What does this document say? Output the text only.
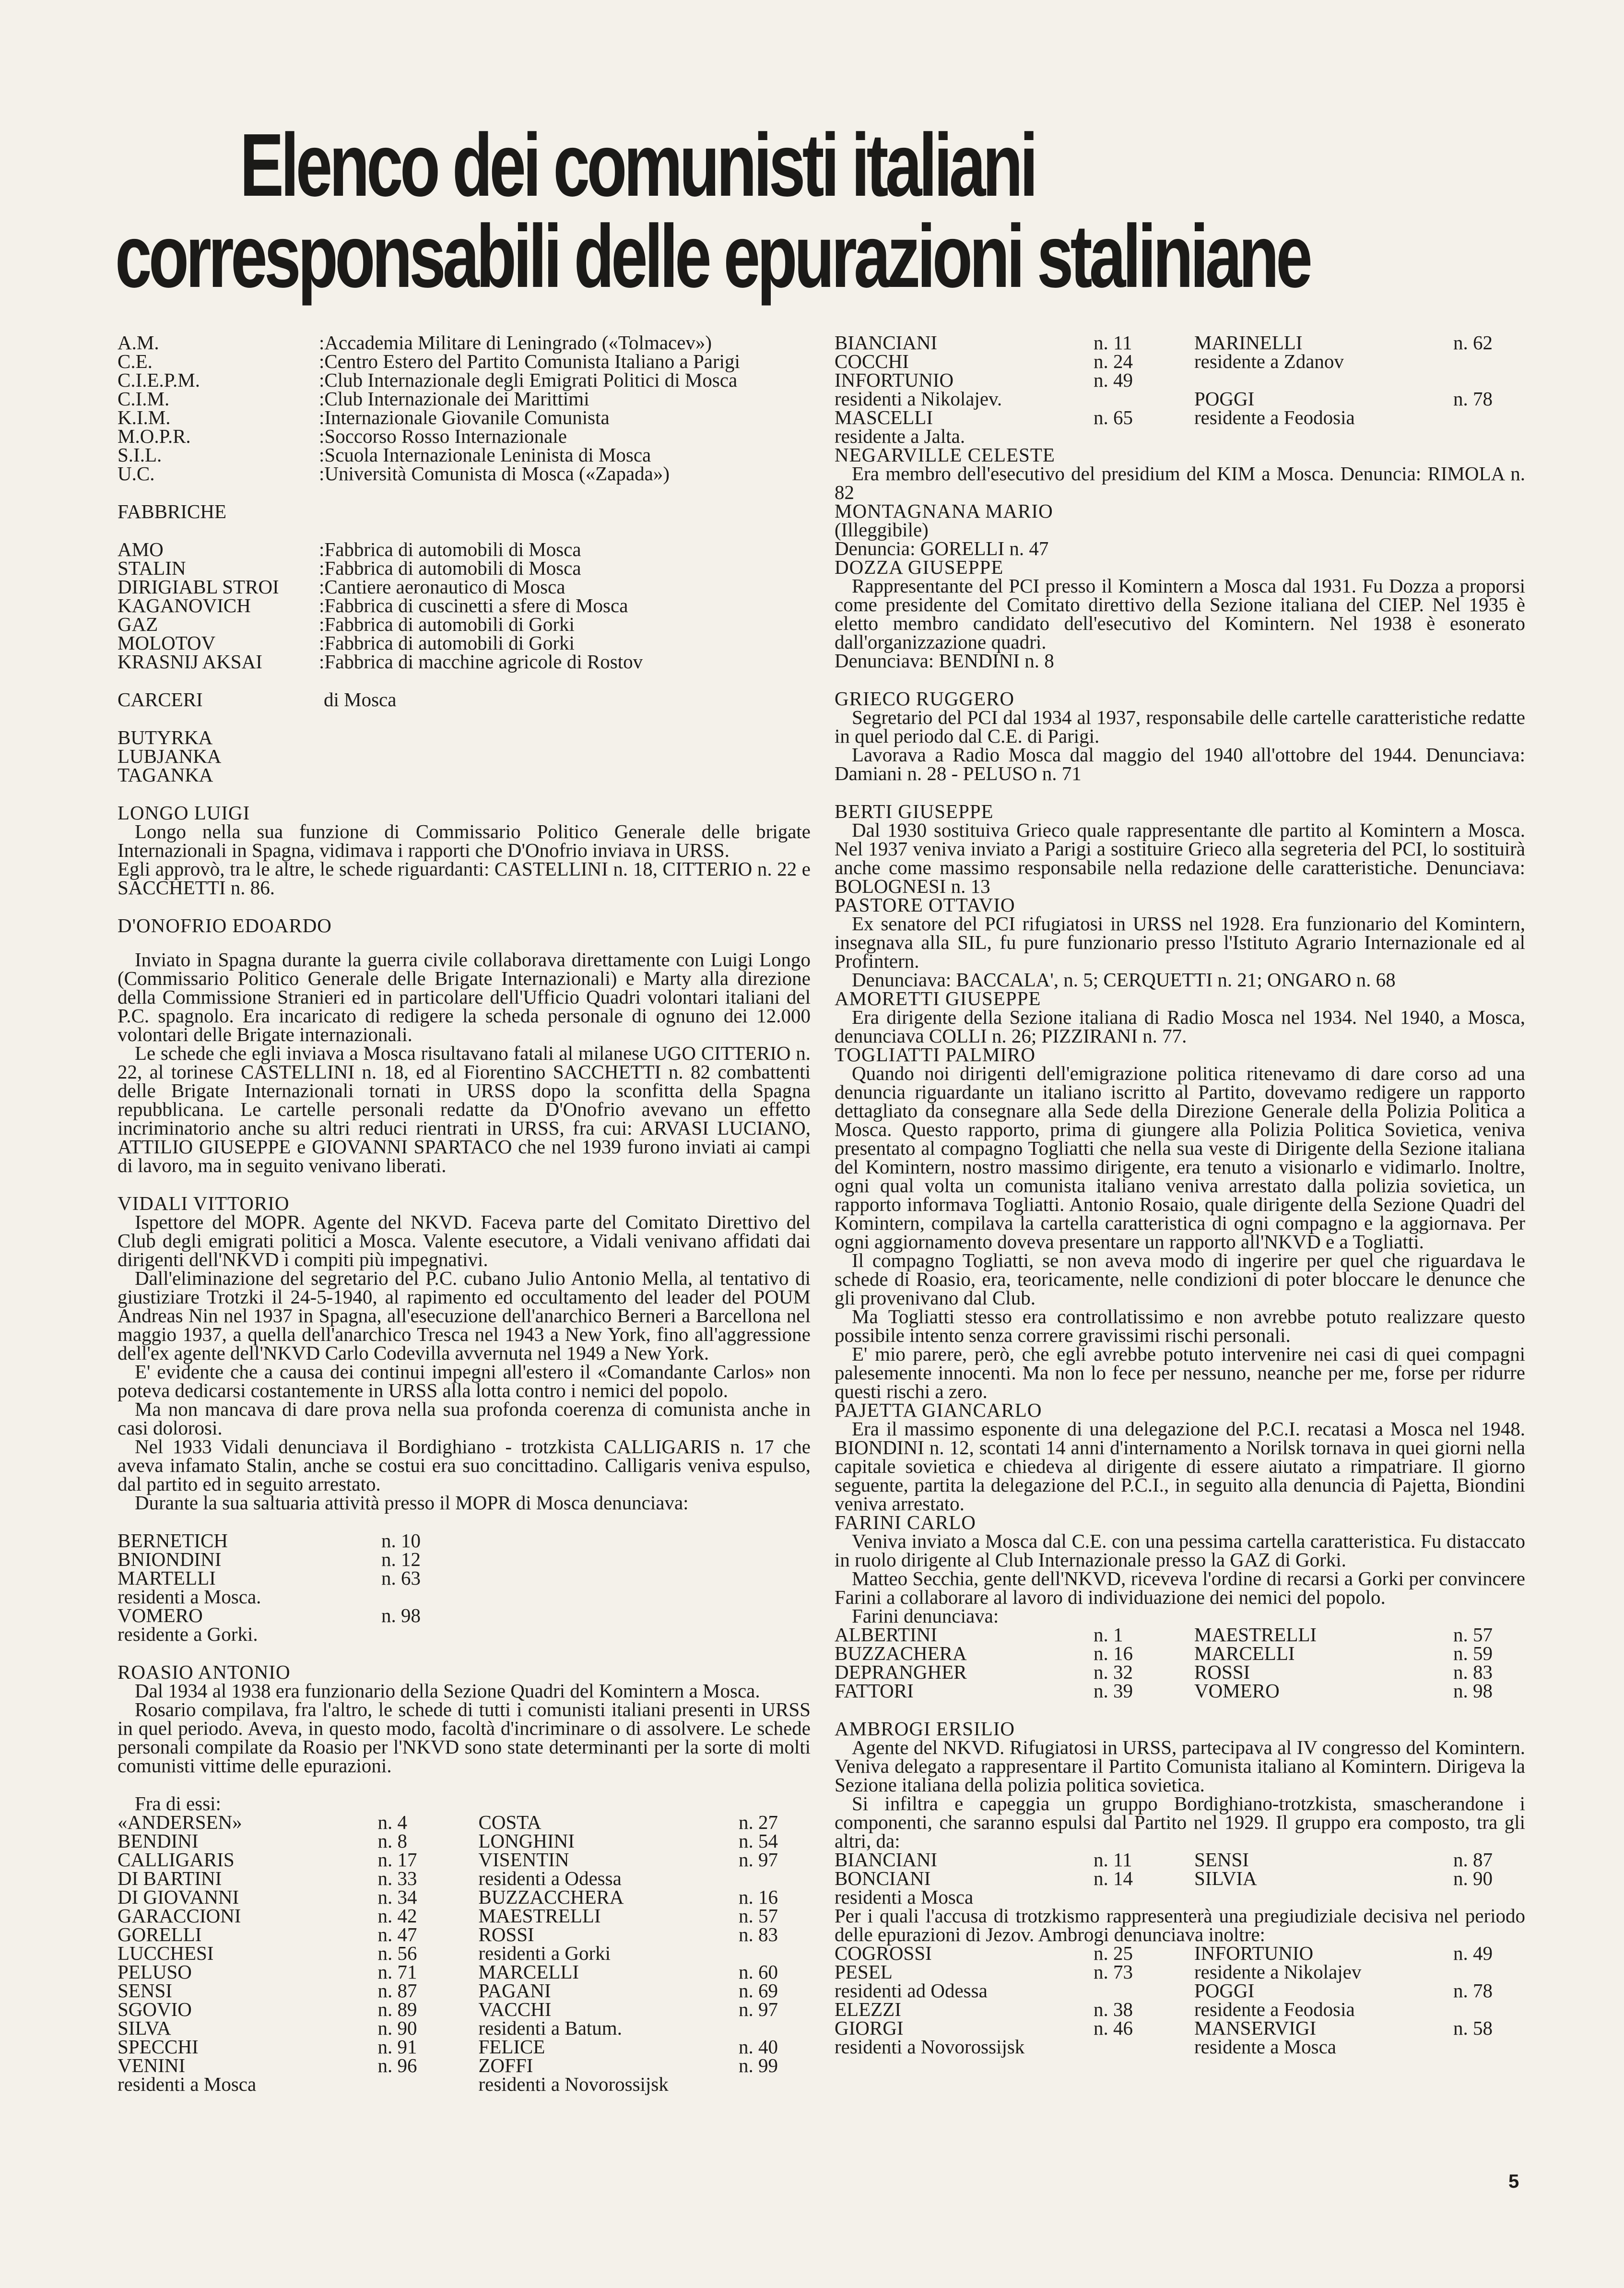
Elenco dei comunisti italiani
corresponsabili delle epurazioni staliniane
A.M.	:Accademia Militare di Leningrado («Tolmacev»)
C.E.	:Centro Estero del Partito Comunista Italiano a Parigi
C.I.E.P.M.	:Club Internazionale degli Emigrati Politici di Mosca
C.I.M.	:Club Internazionale dei Marittimi
K.I.M.	:Internazionale Giovanile Comunista
M.O.P.R.	:Soccorso Rosso Internazionale
S.I.L.	:Scuola Internazionale Leninista di Mosca
U.C.	:Università Comunista di Mosca («Zapada»)
FABBRICHE
AMO	:Fabbrica di automobili di Mosca
STALIN	:Fabbrica di automobili di Mosca
DIRIGIABL STROI	:Cantiere aeronautico di Mosca
KAGANOVICH	:Fabbrica di cuscinetti a sfere di Mosca
GAZ	:Fabbrica di automobili di Gorki
MOLOTOV	:Fabbrica di automobili di Gorki
KRASNIJ AKSAI	:Fabbrica di macchine agricole di Rostov
CARCERI	di Mosca
BUTYRKA
LUBJANKA
TAGANKA
LONGO LUIGI

Longo nella sua funzione di Commissario Politico Generale delle brigate Internazionali in Spagna, vidimava i rapporti che D'Onofrio inviava in URSS.

Egli approvò, tra le altre, le schede riguardanti: CASTELLINI n. 18, CITTERIO n. 22 e SACCHETTI n. 86.

D'ONOFRIO EDOARDO

Inviato in Spagna durante la guerra civile collaborava direttamente con Luigi Longo (Commissario Politico Generale delle Brigate Internazionali) e Marty alla direzione della Commissione Stranieri ed in particolare dell'Ufficio Quadri volontari italiani del P.C. spagnolo. Era incaricato di redigere la scheda personale di ognuno dei 12.000 volontari delle Brigate internazionali.

Le schede che egli inviava a Mosca risultavano fatali al milanese UGO CITTERIO n. 22, al torinese CASTELLINI n. 18, ed al Fiorentino SACCHETTI n. 82 combattenti delle Brigate Internazionali tornati in URSS dopo la sconfitta della Spagna repubblicana. Le cartelle personali redatte da D'Onofrio avevano un effetto incriminatorio anche su altri reduci rientrati in URSS, fra cui: ARVASI LUCIANO, ATTILIO GIUSEPPE e GIOVANNI SPARTACO che nel 1939 furono inviati ai campi di lavoro, ma in seguito venivano liberati.

VIDALI VITTORIO

Ispettore del MOPR. Agente del NKVD. Faceva parte del Comitato Direttivo del Club degli emigrati politici a Mosca. Valente esecutore, a Vidali venivano affidati dai dirigenti dell'NKVD i compiti più impegnativi.

Dall'eliminazione del segretario del P.C. cubano Julio Antonio Mella, al tentativo di giustiziare Trotzki il 24-5-1940, al rapimento ed occultamento del leader del POUM Andreas Nin nel 1937 in Spagna, all'esecuzione dell'anarchico Berneri a Barcellona nel maggio 1937, a quella dell'anarchico Tresca nel 1943 a New York, fino all'aggressione dell'ex agente dell'NKVD Carlo Codevilla avvernuta nel 1949 a New York.

E' evidente che a causa dei continui impegni all'estero il «Comandante Carlos» non poteva dedicarsi costantemente in URSS alla lotta contro i nemici del popolo.

Ma non mancava di dare prova nella sua profonda coerenza di comunista anche in casi dolorosi.

Nel 1933 Vidali denunciava il Bordighiano - trotzkista CALLIGARIS n. 17 che aveva infamato Stalin, anche se costui era suo concittadino. Calligaris veniva espulso, dal partito ed in seguito arrestato.

Durante la sua saltuaria attività presso il MOPR di Mosca denunciava:

BERNETICH	n. 10
BNIONDINI	n. 12
MARTELLI	n. 63
residenti a Mosca.
VOMERO	n. 98
residente a Gorki.
ROASIO ANTONIO

Dal 1934 al 1938 era funzionario della Sezione Quadri del Komintern a Mosca.

Rosario compilava, fra l'altro, le schede di tutti i comunisti italiani presenti in URSS in quel periodo. Aveva, in questo modo, facoltà d'incriminare o di assolvere. Le schede personali compilate da Roasio per l'NKVD sono state determinanti per la sorte di molti comunisti vittime delle epurazioni.

Fra di essi:
«ANDERSEN»	n. 4
BENDINI	n. 8
CALLIGARIS	n. 17
DI BARTINI	n. 33
DI GIOVANNI	n. 34
GARACCIONI	n. 42
GORELLI	n. 47
LUCCHESI	n. 56
PELUSO	n. 71
SENSI	n. 87
SGOVIO	n. 89
SILVA	n. 90
SPECCHI	n. 91
VENINI	n. 96
residenti a Mosca
COSTA	n. 27
LONGHINI	n. 54
VISENTIN	n. 97
residenti a Odessa
BUZZACCHERA	n. 16
MAESTRELLI	n. 57
ROSSI	n. 83
residenti a Gorki
MARCELLI	n. 60
PAGANI	n. 69
VACCHI	n. 97
residenti a Batum.
FELICE	n. 40
ZOFFI	n. 99
residenti a Novorossijsk
BIANCIANI	n. 11
COCCHI	n. 24
INFORTUNIO	n. 49
residenti a Nikolajev.
MASCELLI	n. 65
residente a Jalta.
MARINELLI	n. 62
residente a Zdanov
POGGI	n. 78
residente a Feodosia
NEGARVILLE CELESTE

Era membro dell'esecutivo del presidium del KIM a Mosca. Denuncia: RIMOLA n. 82

MONTAGNANA MARIO
(Illeggibile)
Denuncia: GORELLI n. 47
DOZZA GIUSEPPE

Rappresentante del PCI presso il Komintern a Mosca dal 1931. Fu Dozza a proporsi come presidente del Comitato direttivo della Sezione italiana del CIEP. Nel 1935 è eletto membro candidato dell'esecutivo del Komintern. Nel 1938 è esonerato dall'organizzazione quadri.

Denunciava: BENDINI n. 8
GRIECO RUGGERO

Segretario del PCI dal 1934 al 1937, responsabile delle cartelle caratteristiche redatte in quel periodo dal C.E. di Parigi.

Lavorava a Radio Mosca dal maggio del 1940 all'ottobre del 1944. Denunciava: Damiani n. 28 - PELUSO n. 71

BERTI GIUSEPPE

Dal 1930 sostituiva Grieco quale rappresentante dle partito al Komintern a Mosca. Nel 1937 veniva inviato a Parigi a sostituire Grieco alla segreteria del PCI, lo sostituirà anche come massimo responsabile nella redazione delle caratteristiche. Denunciava: BOLOGNESI n. 13

PASTORE OTTAVIO

Ex senatore del PCI rifugiatosi in URSS nel 1928. Era funzionario del Komintern, insegnava alla SIL, fu pure funzionario presso l'Istituto Agrario Internazionale ed al Profintern.

Denunciava: BACCALA', n. 5; CERQUETTI n. 21; ONGARO n. 68

AMORETTI GIUSEPPE

Era dirigente della Sezione italiana di Radio Mosca nel 1934. Nel 1940, a Mosca, denunciava COLLI n. 26; PIZZIRANI n. 77.

TOGLIATTI PALMIRO

Quando noi dirigenti dell'emigrazione politica ritenevamo di dare corso ad una denuncia riguardante un italiano iscritto al Partito, dovevamo redigere un rapporto dettagliato da consegnare alla Sede della Direzione Generale della Polizia Politica a Mosca. Questo rapporto, prima di giungere alla Polizia Politica Sovietica, veniva presentato al compagno Togliatti che nella sua veste di Dirigente della Sezione italiana del Komintern, nostro massimo dirigente, era tenuto a visionarlo e vidimarlo. Inoltre, ogni qual volta un comunista italiano veniva arrestato dalla polizia sovietica, un rapporto informava Togliatti. Antonio Rosaio, quale dirigente della Sezione Quadri del Komintern, compilava la cartella caratteristica di ogni compagno e la aggiornava. Per ogni aggiornamento doveva presentare un rapporto all'NKVD e a Togliatti.

Il compagno Togliatti, se non aveva modo di ingerire per quel che riguardava le schede di Roasio, era, teoricamente, nelle condizioni di poter bloccare le denunce che gli provenivano dal Club.

Ma Togliatti stesso era controllatissimo e non avrebbe potuto realizzare questo possibile intento senza correre gravissimi rischi personali.

E' mio parere, però, che egli avrebbe potuto intervenire nei casi di quei compagni palesemente innocenti. Ma non lo fece per nessuno, neanche per me, forse per ridurre questi rischi a zero.

PAJETTA GIANCARLO

Era il massimo esponente di una delegazione del P.C.I. recatasi a Mosca nel 1948. BIONDINI n. 12, scontati 14 anni d'internamento a Norilsk tornava in quei giorni nella capitale sovietica e chiedeva al dirigente di essere aiutato a rimpatriare. Il giorno seguente, partita la delegazione del P.C.I., in seguito alla denuncia di Pajetta, Biondini veniva arrestato.

FARINI CARLO

Veniva inviato a Mosca dal C.E. con una pessima cartella caratteristica. Fu distaccato in ruolo dirigente al Club Internazionale presso la GAZ di Gorki.

Matteo Secchia, gente dell'NKVD, riceveva l'ordine di recarsi a Gorki per convincere Farini a collaborare al lavoro di individuazione dei nemici del popolo.

Farini denunciava:

ALBERTINI	n. 1
BUZZACHERA	n. 16
DEPRANGHER	n. 32
FATTORI	n. 39
MAESTRELLI	n. 57
MARCELLI	n. 59
ROSSI	n. 83
VOMERO	n. 98
AMBROGI ERSILIO

Agente del NKVD. Rifugiatosi in URSS, partecipava al IV congresso del Komintern. Veniva delegato a rappresentare il Partito Comunista italiano al Komintern. Dirigeva la Sezione italiana della polizia politica sovietica.

Si infiltra e capeggia un gruppo Bordighiano-trotzkista, smascherandone i componenti, che saranno espulsi dal Partito nel 1929. Il gruppo era composto, tra gli altri, da:

BIANCIANI	n. 11
BONCIANI	n. 14
residenti a Mosca
SENSI	n. 87
SILVIA	n. 90

Per i quali l'accusa di trotzkismo rappresenterà una pregiudiziale decisiva nel periodo delle epurazioni di Jezov. Ambrogi denunciava inoltre:

COGROSSI	n. 25
PESEL	n. 73
residenti ad Odessa
ELEZZI	n. 38
GIORGI	n. 46
residenti a Novorossijsk
INFORTUNIO	n. 49
residente a Nikolajev
POGGI	n. 78
residente a Feodosia
MANSERVIGI	n. 58
residente a Mosca
5
